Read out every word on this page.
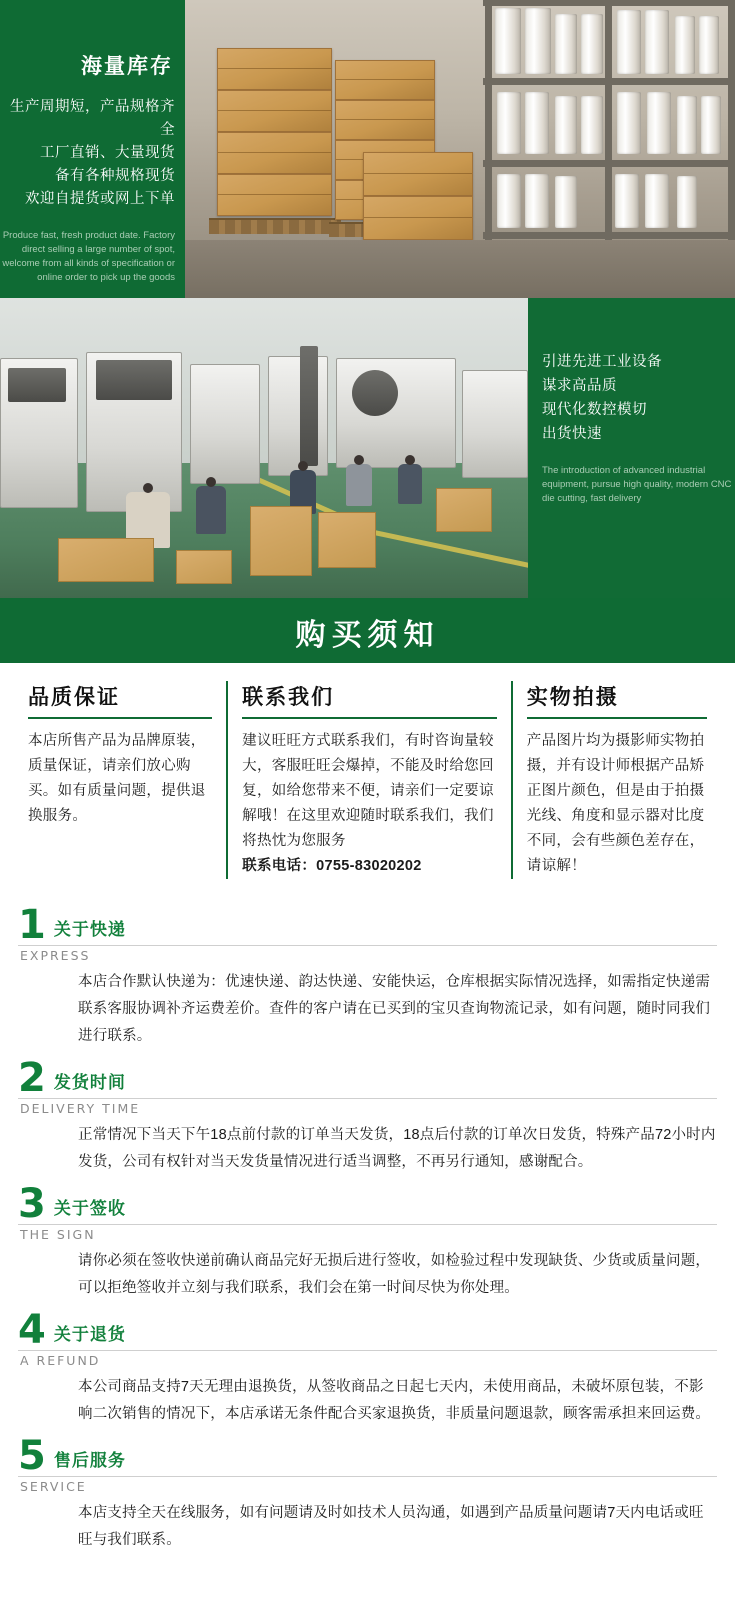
海量库存
生产周期短，产品规格齐全
工厂直销、大量现货
备有各种规格现货
欢迎自提货或网上下单
Produce fast, fresh product date. Factory direct selling a large number of spot, welcome from all kinds of specification or online order to pick up the goods
引进先进工业设备
谋求高品质
现代化数控模切
出货快速
The introduction of advanced industrial equipment, pursue high quality, modern CNC die cutting, fast delivery
购买须知
品质保证

本店所售产品为品牌原装，质量保证，请亲们放心购买。如有质量问题，提供退换服务。

联系我们

建议旺旺方式联系我们，有时咨询量较大，客服旺旺会爆掉，不能及时给您回复，如给您带来不便，请亲们一定要谅解哦！在这里欢迎随时联系我们，我们将热忱为您服务

联系电话：0755-83020202

实物拍摄

产品图片均为摄影师实物拍摄，并有设计师根据产品矫正图片颜色，但是由于拍摄光线、角度和显示器对比度不同，会有些颜色差存在，请谅解！

1 关于快递
EXPRESS
本店合作默认快递为：优速快递、韵达快递、安能快运，仓库根据实际情况选择，如需指定快递需联系客服协调补齐运费差价。查件的客户请在已买到的宝贝查询物流记录，如有问题，随时同我们进行联系。
2 发货时间
DELIVERY TIME
正常情况下当天下午18点前付款的订单当天发货，18点后付款的订单次日发货，特殊产品72小时内发货，公司有权针对当天发货量情况进行适当调整，不再另行通知，感谢配合。
3 关于签收
THE SIGN
请你必须在签收快递前确认商品完好无损后进行签收，如检验过程中发现缺货、少货或质量问题，可以拒绝签收并立刻与我们联系，我们会在第一时间尽快为你处理。
4 关于退货
A REFUND
本公司商品支持7天无理由退换货，从签收商品之日起七天内，未使用商品，未破坏原包装，不影响二次销售的情况下，本店承诺无条件配合买家退换货，非质量问题退款，顾客需承担来回运费。
5 售后服务
SERVICE
本店支持全天在线服务，如有问题请及时如技术人员沟通，如遇到产品质量问题请7天内电话或旺旺与我们联系。
